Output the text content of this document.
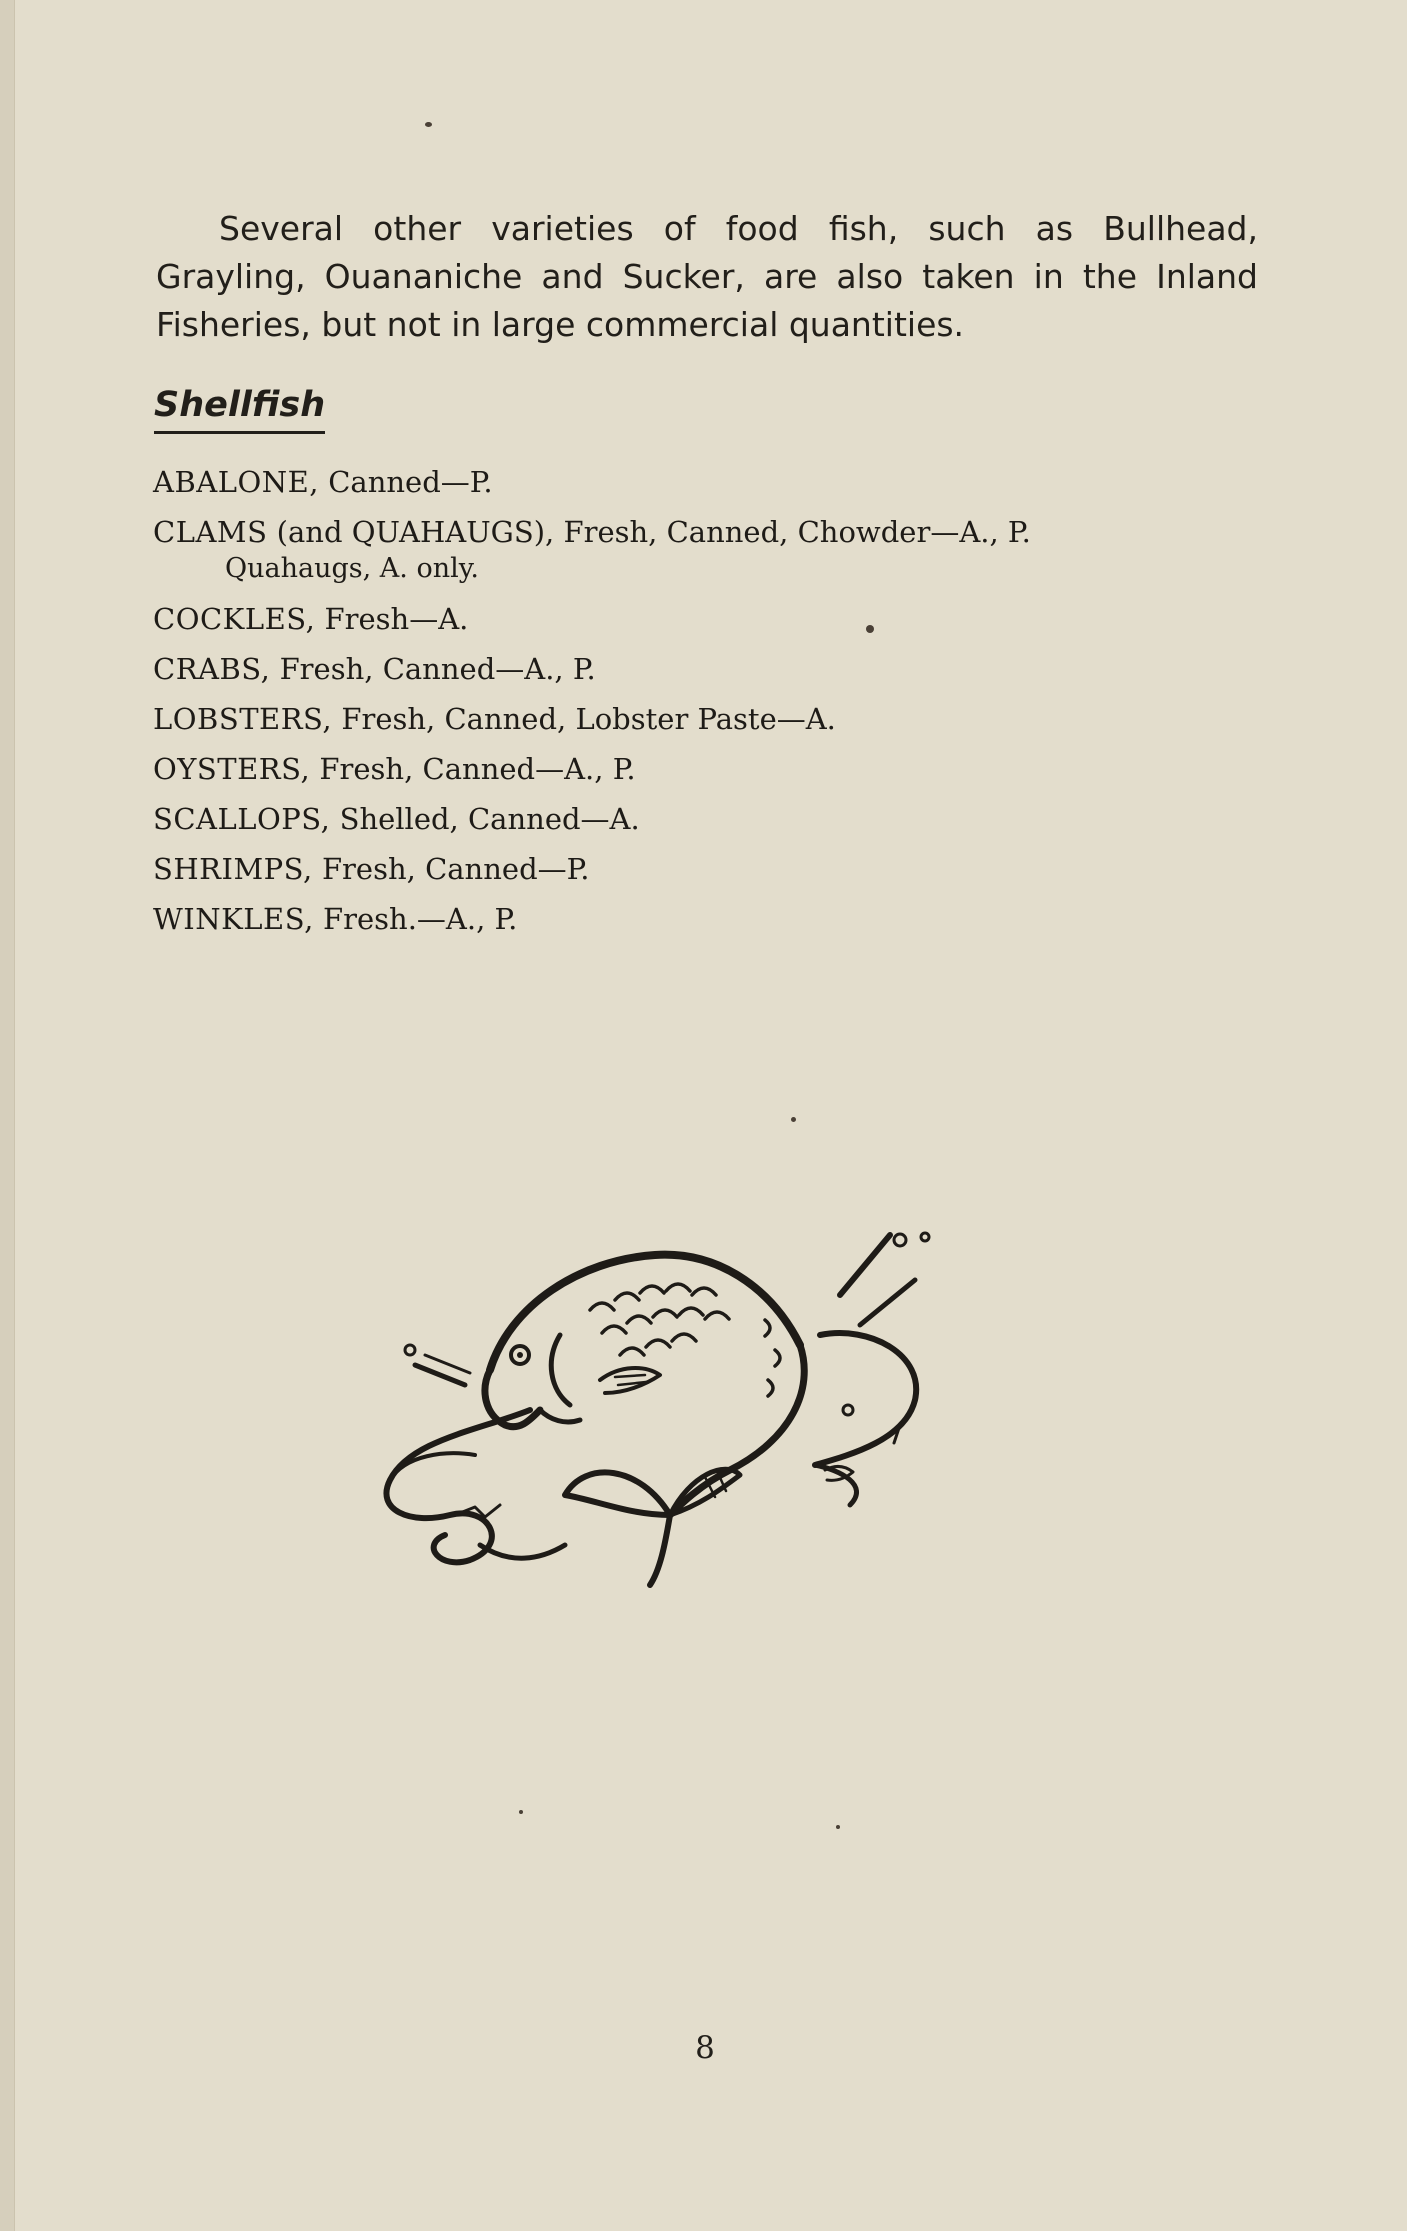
Several other varieties of food fish, such as Bullhead, Grayling, Ouananiche and Sucker, are also taken in the Inland Fisheries, but not in large commercial quantities.

Shellfish
ABALONE, Canned—P.
CLAMS (and QUAHAUGS), Fresh, Canned, Chowder—A., P.
Quahaugs, A. only.
COCKLES, Fresh—A.
CRABS, Fresh, Canned—A., P.
LOBSTERS, Fresh, Canned, Lobster Paste—A.
OYSTERS, Fresh, Canned—A., P.
SCALLOPS, Shelled, Canned—A.
SHRIMPS, Fresh, Canned—P.
WINKLES, Fresh.—A., P.
8
